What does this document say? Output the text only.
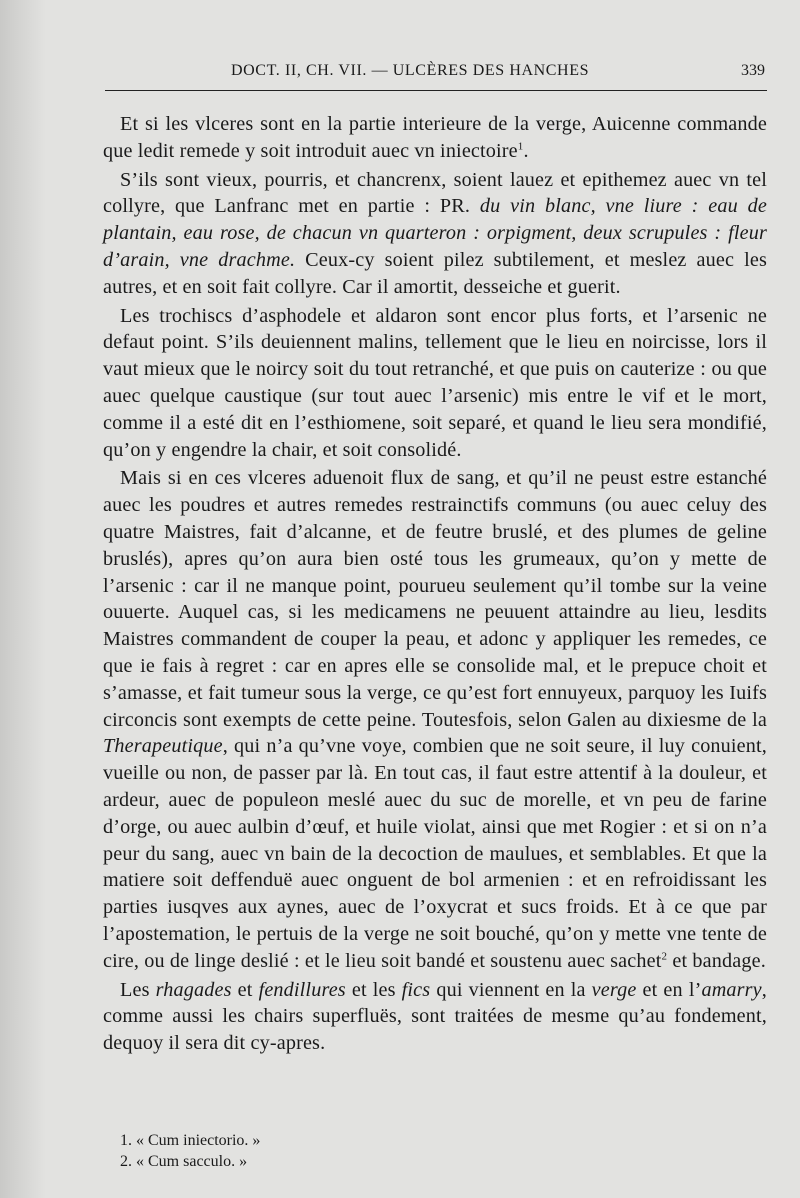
DOCT. II, CH. VII. — ULCÈRES DES HANCHES	339

Et si les vlceres sont en la partie interieure de la verge, Auicenne commande que ledit remede y soit introduit auec vn iniectoire$^1$.

S’ils sont vieux, pourris, et chancrenx, soient lauez et epithemez auec vn tel collyre, que Lanfranc met en partie : PR. du vin blanc, vne liure : eau de plantain, eau rose, de chacun vn quarteron : orpigment, deux scrupules : fleur d’arain, vne drachme. Ceux-cy soient pilez subtilement, et meslez auec les autres, et en soit fait collyre. Car il amortit, desseiche et guerit.

Les trochiscs d’asphodele et aldaron sont encor plus forts, et l’arsenic ne defaut point. S’ils deuiennent malins, tellement que le lieu en noircisse, lors il vaut mieux que le noircy soit du tout retranché, et que puis on cauterize : ou que auec quelque caustique (sur tout auec l’arsenic) mis entre le vif et le mort, comme il a esté dit en l’esthiomene, soit separé, et quand le lieu sera mondifié, qu’on y engendre la chair, et soit consolidé.

Mais si en ces vlceres aduenoit flux de sang, et qu’il ne peust estre estanché auec les poudres et autres remedes restrainctifs communs (ou auec celuy des quatre Maistres, fait d’alcanne, et de feutre bruslé, et des plumes de geline bruslés), apres qu’on aura bien osté tous les grumeaux, qu’on y mette de l’arsenic : car il ne manque point, pourueu seulement qu’il tombe sur la veine ouuerte. Auquel cas, si les medicamens ne peuuent attaindre au lieu, lesdits Maistres commandent de couper la peau, et adonc y appliquer les remedes, ce que ie fais à regret : car en apres elle se consolide mal, et le prepuce choit et s’amasse, et fait tumeur sous la verge, ce qu’est fort ennuyeux, parquoy les Iuifs circoncis sont exempts de cette peine. Toutesfois, selon Galen au dixiesme de la Therapeutique, qui n’a qu’vne voye, combien que ne soit seure, il luy conuient, vueille ou non, de passer par là. En tout cas, il faut estre attentif à la douleur, et ardeur, auec de populeon meslé auec du suc de morelle, et vn peu de farine d’orge, ou auec aulbin d’œuf, et huile violat, ainsi que met Rogier : et si on n’a peur du sang, auec vn bain de la decoction de maulues, et semblables. Et que la matiere soit deffenduë auec onguent de bol armenien : et en refroidissant les parties iusqves aux aynes, auec de l’oxycrat et sucs froids. Et à ce que par l’apostemation, le pertuis de la verge ne soit bouché, qu’on y mette vne tente de cire, ou de linge deslié : et le lieu soit bandé et soustenu auec sachet$^2$ et bandage.

Les rhagades et fendillures et les fics qui viennent en la verge et en l’amarry, comme aussi les chairs superfluës, sont traitées de mesme qu’au fondement, dequoy il sera dit cy-apres.

1. « Cum iniectorio. »
2. « Cum sacculo. »
